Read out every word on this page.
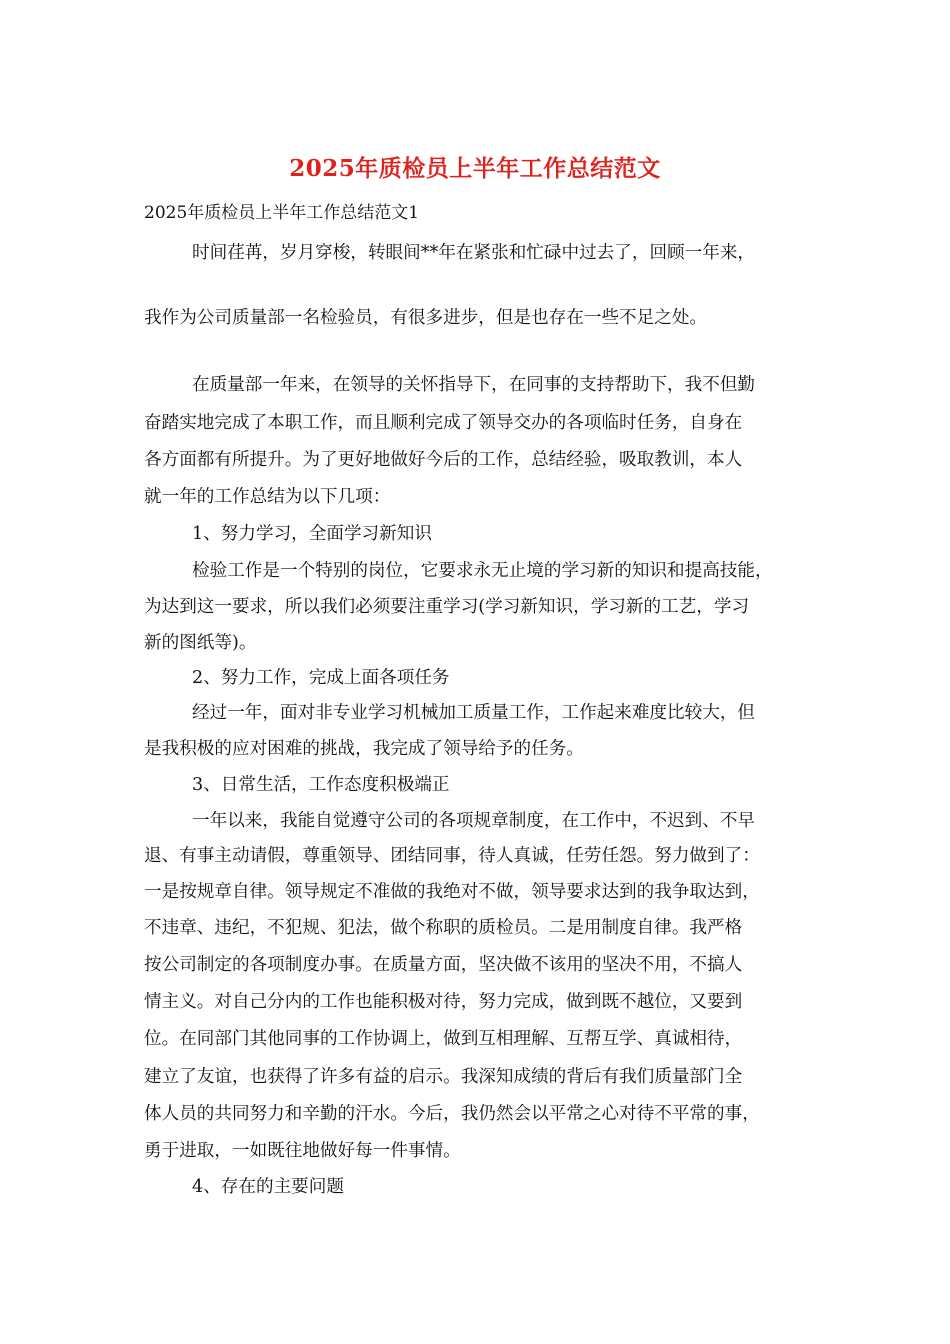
2025年质检员上半年工作总结范文
2025年质检员上半年工作总结范文1
时间荏苒，岁月穿梭，转眼间**年在紧张和忙碌中过去了，回顾一年来，
我作为公司质量部一名检验员，有很多进步，但是也存在一些不足之处。
在质量部一年来，在领导的关怀指导下，在同事的支持帮助下，我不但勤
奋踏实地完成了本职工作，而且顺利完成了领导交办的各项临时任务，自身在
各方面都有所提升。为了更好地做好今后的工作，总结经验，吸取教训，本人
就一年的工作总结为以下几项：
1、努力学习，全面学习新知识
检验工作是一个特别的岗位，它要求永无止境的学习新的知识和提高技能，
为达到这一要求，所以我们必须要注重学习(学习新知识，学习新的工艺，学习
新的图纸等)。
2、努力工作，完成上面各项任务
经过一年，面对非专业学习机械加工质量工作，工作起来难度比较大，但
是我积极的应对困难的挑战，我完成了领导给予的任务。
3、日常生活，工作态度积极端正
一年以来，我能自觉遵守公司的各项规章制度，在工作中，不迟到、不早
退、有事主动请假，尊重领导、团结同事，待人真诚，任劳任怨。努力做到了：
一是按规章自律。领导规定不准做的我绝对不做，领导要求达到的我争取达到，
不违章、违纪，不犯规、犯法，做个称职的质检员。二是用制度自律。我严格
按公司制定的各项制度办事。在质量方面，坚决做不该用的坚决不用，不搞人
情主义。对自己分内的工作也能积极对待，努力完成，做到既不越位，又要到
位。在同部门其他同事的工作协调上，做到互相理解、互帮互学、真诚相待，
建立了友谊，也获得了许多有益的启示。我深知成绩的背后有我们质量部门全
体人员的共同努力和辛勤的汗水。今后，我仍然会以平常之心对待不平常的事，
勇于进取，一如既往地做好每一件事情。
4、存在的主要问题
